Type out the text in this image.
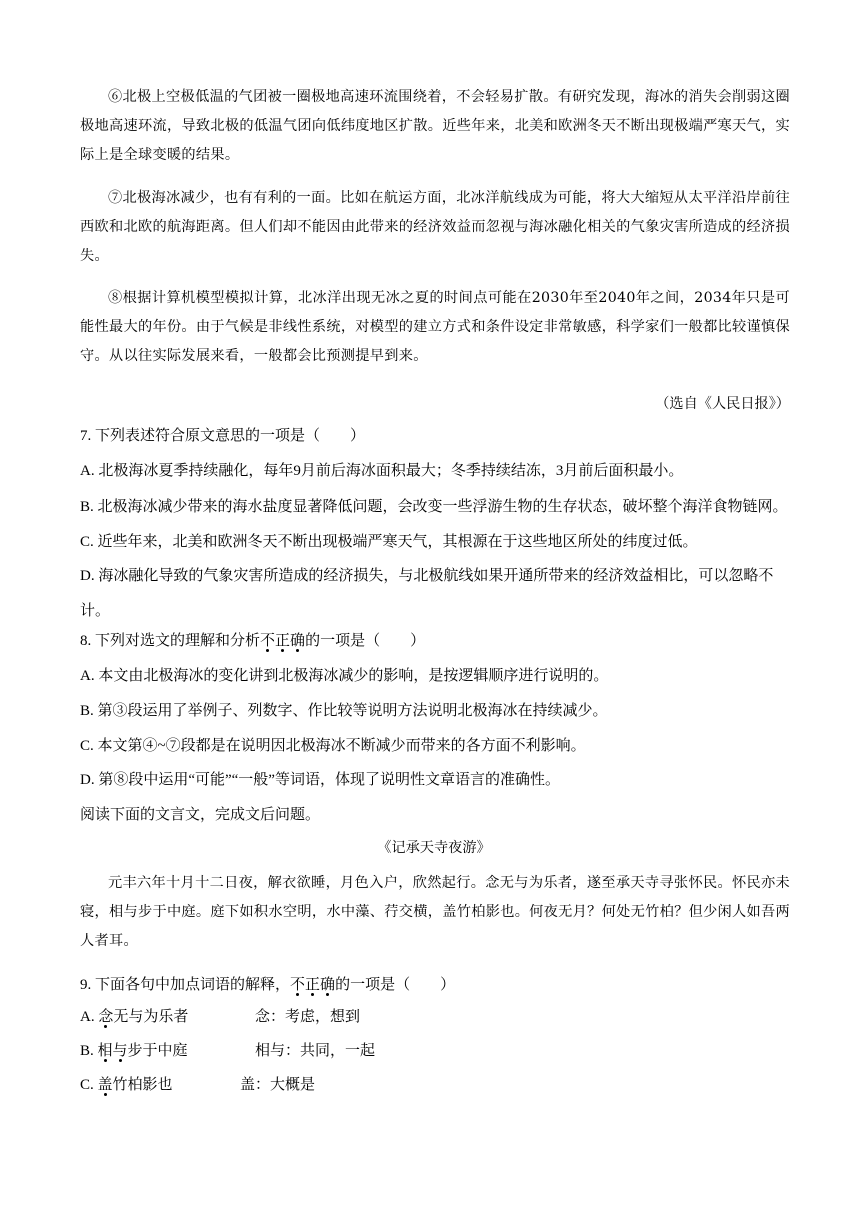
⑥北极上空极低温的气团被一圈极地高速环流围绕着，不会轻易扩散。有研究发现，海冰的消失会削弱这圈极地高速环流，导致北极的低温气团向低纬度地区扩散。近些年来，北美和欧洲冬天不断出现极端严寒天气，实际上是全球变暖的结果。
⑦北极海冰减少，也有有利的一面。比如在航运方面，北冰洋航线成为可能，将大大缩短从太平洋沿岸前往西欧和北欧的航海距离。但人们却不能因由此带来的经济效益而忽视与海冰融化相关的气象灾害所造成的经济损失。
⑧根据计算机模型模拟计算，北冰洋出现无冰之夏的时间点可能在2030年至2040年之间，2034年只是可能性最大的年份。由于气候是非线性系统，对模型的建立方式和条件设定非常敏感，科学家们一般都比较谨慎保守。从以往实际发展来看，一般都会比预测提早到来。
（选自《人民日报》）
7. 下列表述符合原文意思的一项是（　　）
A. 北极海冰夏季持续融化，每年9月前后海冰面积最大；冬季持续结冻，3月前后面积最小。
B. 北极海冰减少带来的海水盐度显著降低问题，会改变一些浮游生物的生存状态，破坏整个海洋食物链网。
C. 近些年来，北美和欧洲冬天不断出现极端严寒天气，其根源在于这些地区所处的纬度过低。
D. 海冰融化导致的气象灾害所造成的经济损失，与北极航线如果开通所带来的经济效益相比，可以忽略不计。
8. 下列对选文的理解和分析不正确的一项是（　　）
A. 本文由北极海冰的变化讲到北极海冰减少的影响，是按逻辑顺序进行说明的。
B. 第③段运用了举例子、列数字、作比较等说明方法说明北极海冰在持续减少。
C. 本文第④~⑦段都是在说明因北极海冰不断减少而带来的各方面不利影响。
D. 第⑧段中运用“可能”“一般”等词语，体现了说明性文章语言的准确性。
阅读下面的文言文，完成文后问题。
《记承天寺夜游》
元丰六年十月十二日夜，解衣欲睡，月色入户，欣然起行。念无与为乐者，遂至承天寺寻张怀民。怀民亦未寝，相与步于中庭。庭下如积水空明，水中藻、荇交横，盖竹柏影也。何夜无月？何处无竹柏？但少闲人如吾两人者耳。
9. 下面各句中加点词语的解释，不正确的一项是（　　）
A. 念无与为乐者	念：考虑，想到
B. 相与步于中庭	相与：共同，一起
C. 盖竹柏影也	盖：大概是
